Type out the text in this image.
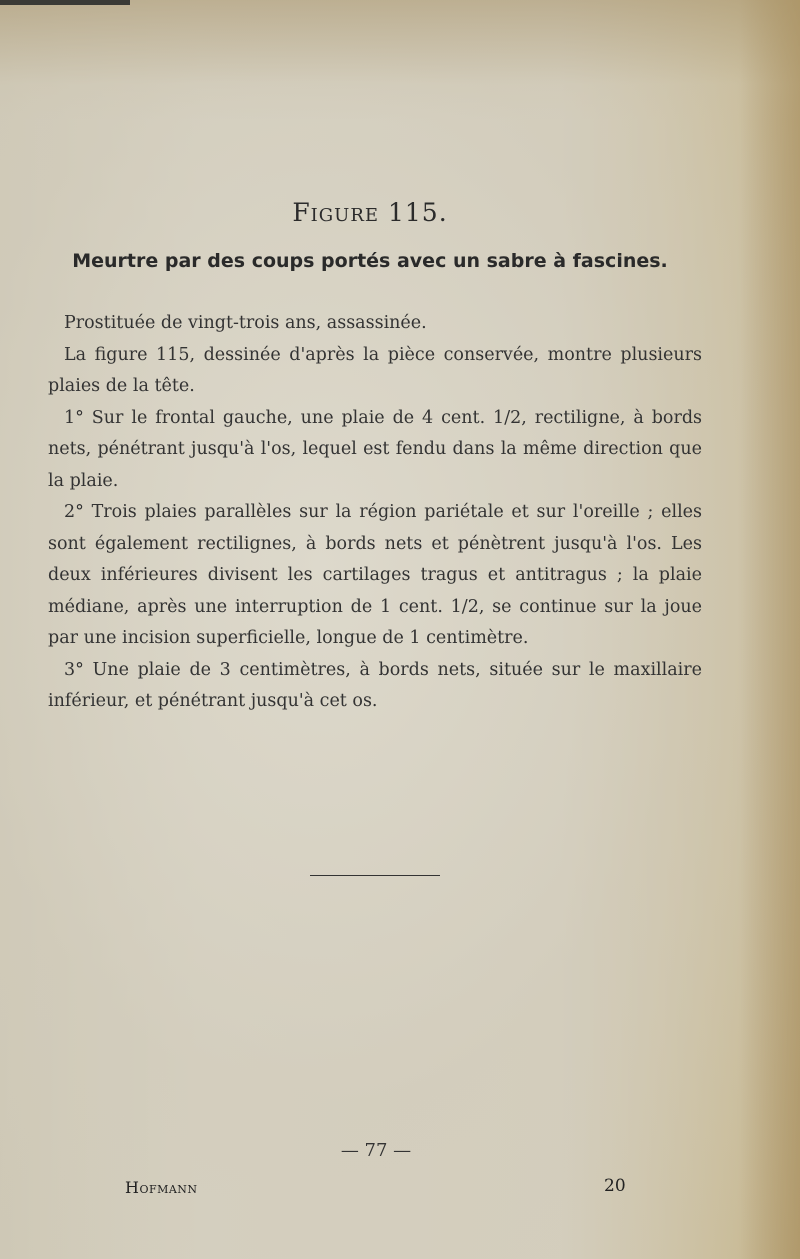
Figure 115.
Meurtre par des coups portés avec un sabre à fascines.

Prostituée de vingt-trois ans, assassinée.

La figure 115, dessinée d'après la pièce conservée, montre plusieurs plaies de la tête.

1° Sur le frontal gauche, une plaie de 4 cent. 1/2, rectiligne, à bords nets, pénétrant jusqu'à l'os, lequel est fendu dans la même direction que la plaie.

2° Trois plaies parallèles sur la région pariétale et sur l'oreille ; elles sont également rectilignes, à bords nets et pénètrent jusqu'à l'os. Les deux inférieures divisent les cartilages tragus et antitragus ; la plaie médiane, après une interruption de 1 cent. 1/2, se continue sur la joue par une incision superficielle, longue de 1 centimètre.

3° Une plaie de 3 centimètres, à bords nets, située sur le maxillaire inférieur, et pénétrant jusqu'à cet os.

— 77 —
Hofmann	20
